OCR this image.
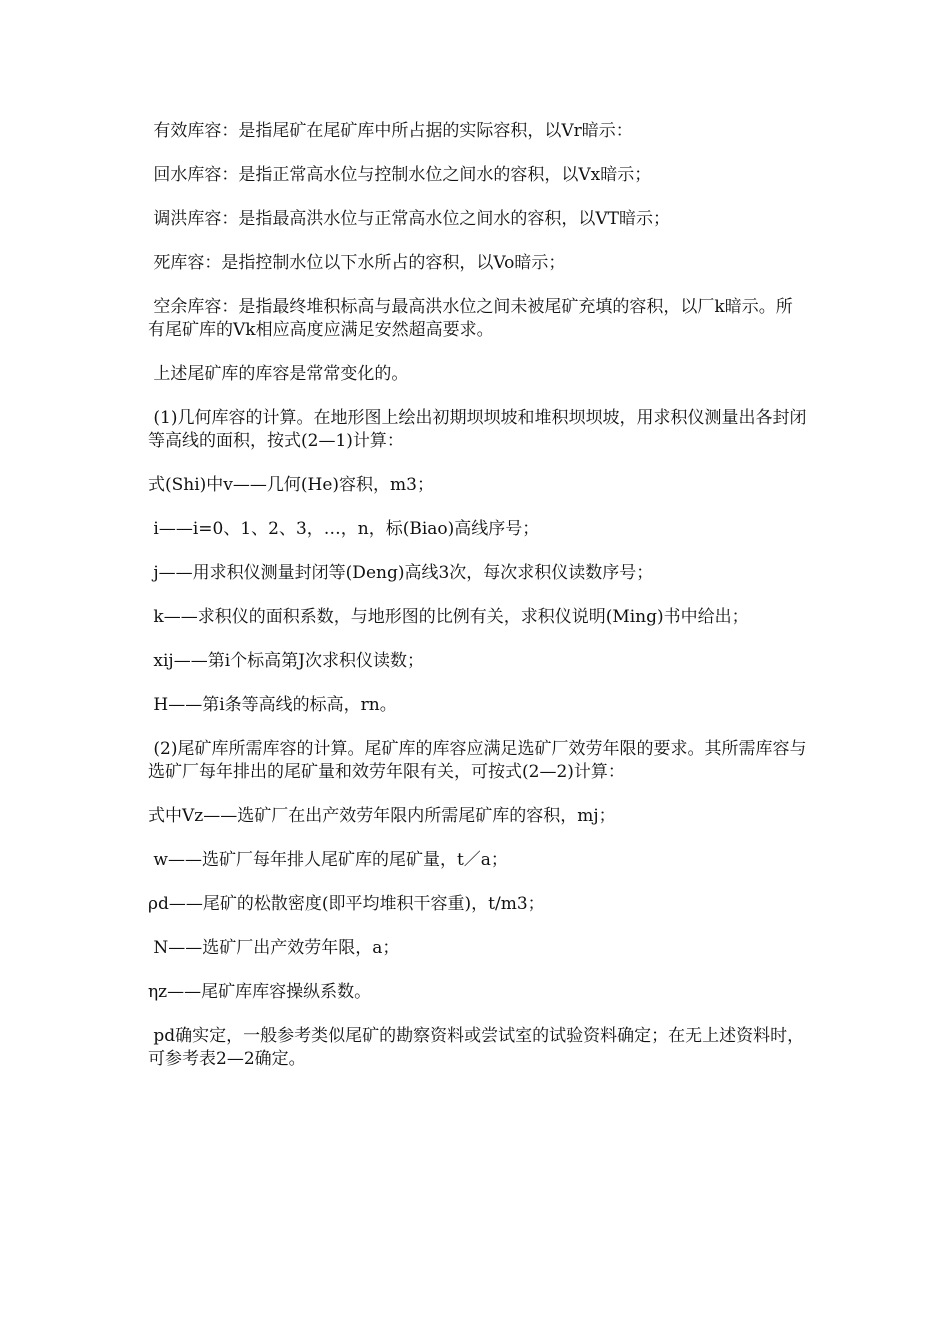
有效库容：是指尾矿在尾矿库中所占据的实际容积，以Vr暗示：

回水库容：是指正常高水位与控制水位之间水的容积，以Vx暗示；

调洪库容：是指最高洪水位与正常高水位之间水的容积，以VT暗示；

死库容：是指控制水位以下水所占的容积，以Vo暗示；

空余库容：是指最终堆积标高与最高洪水位之间未被尾矿充填的容积，以厂k暗示。所有尾矿库的Vk相应高度应满足安然超高要求。

上述尾矿库的库容是常常变化的。

(1)几何库容的计算。在地形图上绘出初期坝坝坡和堆积坝坝坡，用求积仪测量出各封闭等高线的面积，按式(2—1)计算：

式(Shi)中v——几何(He)容积，m3；

i——i=0、1、2、3，…，n，标(Biao)高线序号；

j——用求积仪测量封闭等(Deng)高线3次，每次求积仪读数序号；

k——求积仪的面积系数，与地形图的比例有关，求积仪说明(Ming)书中给出；

xij——第i个标高第J次求积仪读数；

H——第i条等高线的标高，rn。

(2)尾矿库所需库容的计算。尾矿库的库容应满足选矿厂效劳年限的要求。其所需库容与选矿厂每年排出的尾矿量和效劳年限有关，可按式(2—2)计算：

式中Vz——选矿厂在出产效劳年限内所需尾矿库的容积，mj；

w——选矿厂每年排人尾矿库的尾矿量，t／a；

ρd——尾矿的松散密度(即平均堆积干容重)，t/m3；

N——选矿厂出产效劳年限，a；

ηz——尾矿库库容操纵系数。

pd确实定，一般参考类似尾矿的勘察资料或尝试室的试验资料确定；在无上述资料时，可参考表2—2确定。
